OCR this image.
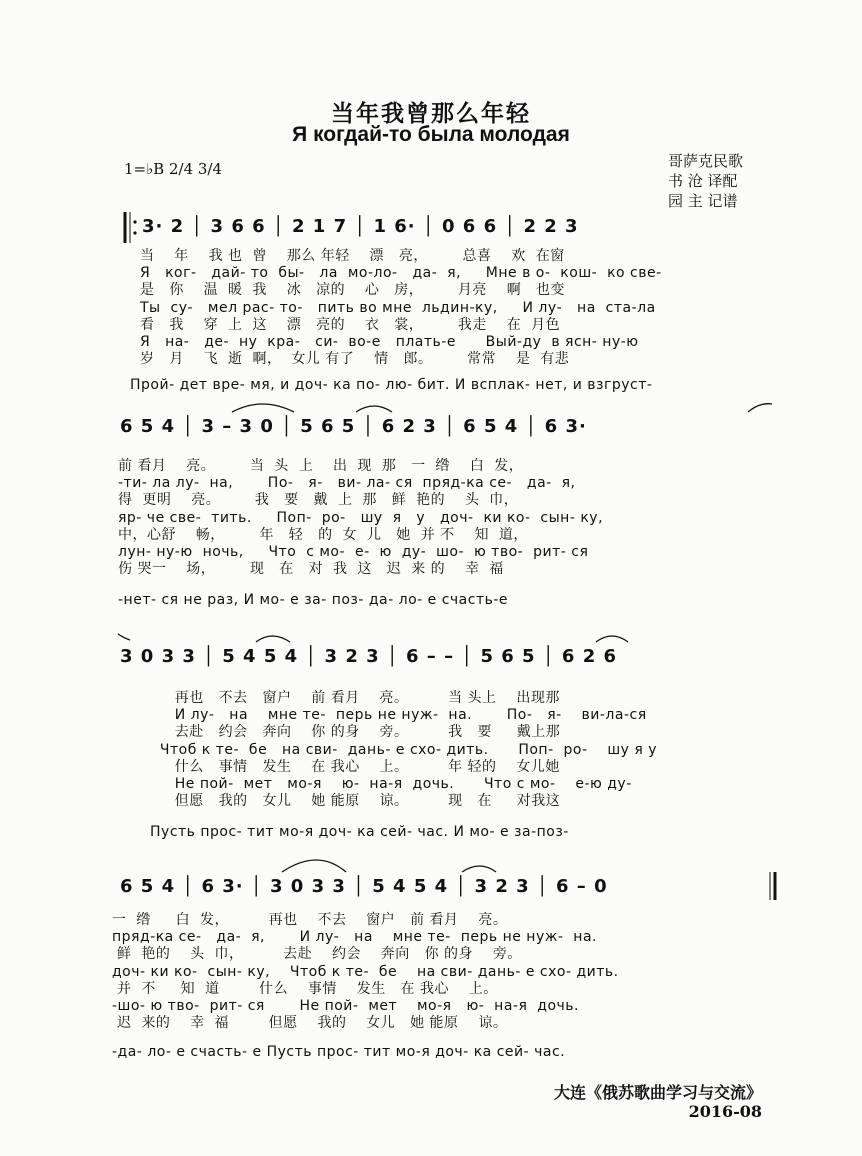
当年我曾那么年轻
Я когдай-то была молодая
1=♭B 2/4 3/4	哥萨克民歌
书 沧 译配
园 主 记谱
3· 2 │ 3 6 6 │ 2 1 7 │ 1 6· │ 0 6 6 │ 2 2 3
当    年    我 也  曾    那么 年轻    漂   亮，       总喜    欢  在窗
Я   ког-   дай- то  бы-   ла  мо-ло-   да-  я,     Мне в о-  кош-  ко све-
是   你    温  暖  我    冰   凉的    心   房，       月亮    啊   也变
Ты  су-   мел рас- то-   пить во мне  льдин-ку,     И лу-   на  ста-ла
看   我    穿  上  这    漂   亮的    衣   裳，       我走    在  月色
Я   на-   де-  ну  кра-   си-  во-е   плать-е      Вый-ду  в ясн- ну-ю
岁   月    飞  逝  啊，  女儿 有了    情   郎。       常常    是  有悲
Прой- дет вре- мя, и доч- ка по- лю- бит. И всплак- нет, и взгруст-
6 5 4 │ 3 – 3 0 │ 5 6 5 │ 6 2 3 │ 6 5 4 │ 6 3·
前 看月    亮。       当  头  上    出  现  那   一  绺    白  发，
-ти- ла лу-  на,       По-   я-   ви- ла- ся  пряд-ка се-   да-  я,
得  更明    亮。       我   要   戴  上  那   鲜  艳的    头  巾，
яр- че све-  тить.     Поп-  ро-   шу  я   у   доч-  ки ко-  сын- ку,
中，心舒    畅，       年   轻   的  女  儿   她  并 不    知  道，
лун- ну-ю  ночь,     Что  с мо-  е-  ю  ду-  шо-  ю тво-  рит- ся
伤 哭一    场，       现   在   对  我  这   迟  来 的    幸  福
-нет- ся не раз, И мо- е за- поз- да- ло- е счасть-е
3 0 3 3 │ 5 4 5 4 │ 3 2 3 │ 6 – – │ 5 6 5 │ 6 2 6
再也   不去   窗户    前 看月    亮。        当 头上    出现那
И лу-   на    мне те-  перь не нуж-  на.       По-   я-    ви-ла-ся
去赴   约会   奔向    你 的身    旁。        我   要     戴上那
Чтоб к те-  бе   на сви-  дань- е схо- дить.      Поп-  ро-    шу я у
什么   事情   发生    在 我心    上。        年 轻的    女儿她
Не пой-  мет   мо-я    ю-  на-я  дочь.      Что с мо-    е-ю ду-
但愿   我的   女儿    她 能原    谅。        现   在     对我这
Пусть прос- тит мо-я доч- ка сей- час. И мо- е за-поз-
6 5 4 │ 6 3· │ 3 0 3 3 │ 5 4 5 4 │ 3 2 3 │ 6 – 0
一  绺     白  发，        再也    不去    窗户   前 看月    亮。
пряд-ка се-   да-  я,       И лу-   на    мне те-  перь не нуж-  на.
鲜  艳的    头  巾，        去赴    约会    奔向   你 的身    旁。
доч- ки ко-  сын- ку,    Чтоб к те-  бе    на сви- дань- е схо- дить.
并  不     知  道        什么    事情    发生   在 我心    上。
-шо- ю тво-  рит- ся       Не пой-  мет    мо-я   ю-  на-я  дочь.
迟  来的    幸  福        但愿    我的    女儿   她 能原    谅。
-да- ло- е счасть- е Пусть прос- тит мо-я доч- ка сей- час.
大连《俄苏歌曲学习与交流》
2016-08
